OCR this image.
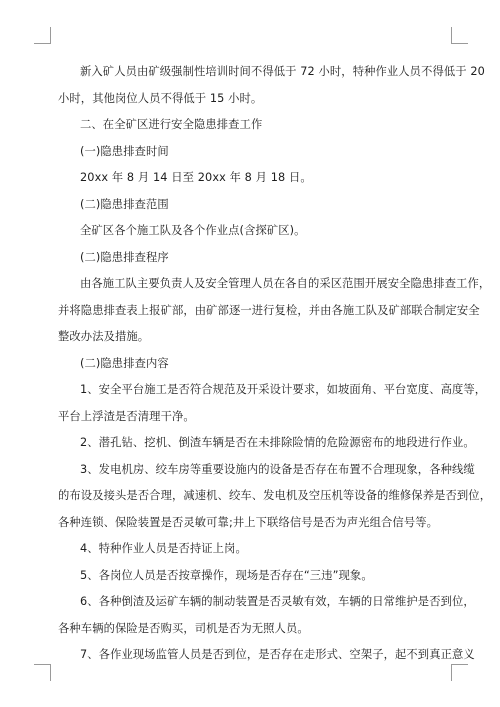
新入矿人员由矿级强制性培训时间不得低于 72 小时，特种作业人员不得低于 20
小时，其他岗位人员不得低于 15 小时。
二、在全矿区进行安全隐患排查工作
(一)隐患排查时间
20xx 年 8 月 14 日至 20xx 年 8 月 18 日。
(二)隐患排查范围
全矿区各个施工队及各个作业点(含探矿区)。
(二)隐患排查程序
由各施工队主要负责人及安全管理人员在各自的采区范围开展安全隐患排查工作，
并将隐患排查表上报矿部，由矿部逐一进行复检，并由各施工队及矿部联合制定安全
整改办法及措施。
(二)隐患排查内容
1、安全平台施工是否符合规范及开采设计要求，如坡面角、平台宽度、高度等，
平台上浮渣是否清理干净。
2、潜孔钻、挖机、倒渣车辆是否在未排除险情的危险源密布的地段进行作业。
3、发电机房、绞车房等重要设施内的设备是否存在布置不合理现象，各种线缆
的布设及接头是否合理，减速机、绞车、发电机及空压机等设备的维修保养是否到位，
各种连锁、保险装置是否灵敏可靠;井上下联络信号是否为声光组合信号等。
4、特种作业人员是否持证上岗。
5、各岗位人员是否按章操作，现场是否存在“三违”现象。
6、各种倒渣及运矿车辆的制动装置是否灵敏有效，车辆的日常维护是否到位，
各种车辆的保险是否购买，司机是否为无照人员。
7、各作业现场监管人员是否到位，是否存在走形式、空架子，起不到真正意义
